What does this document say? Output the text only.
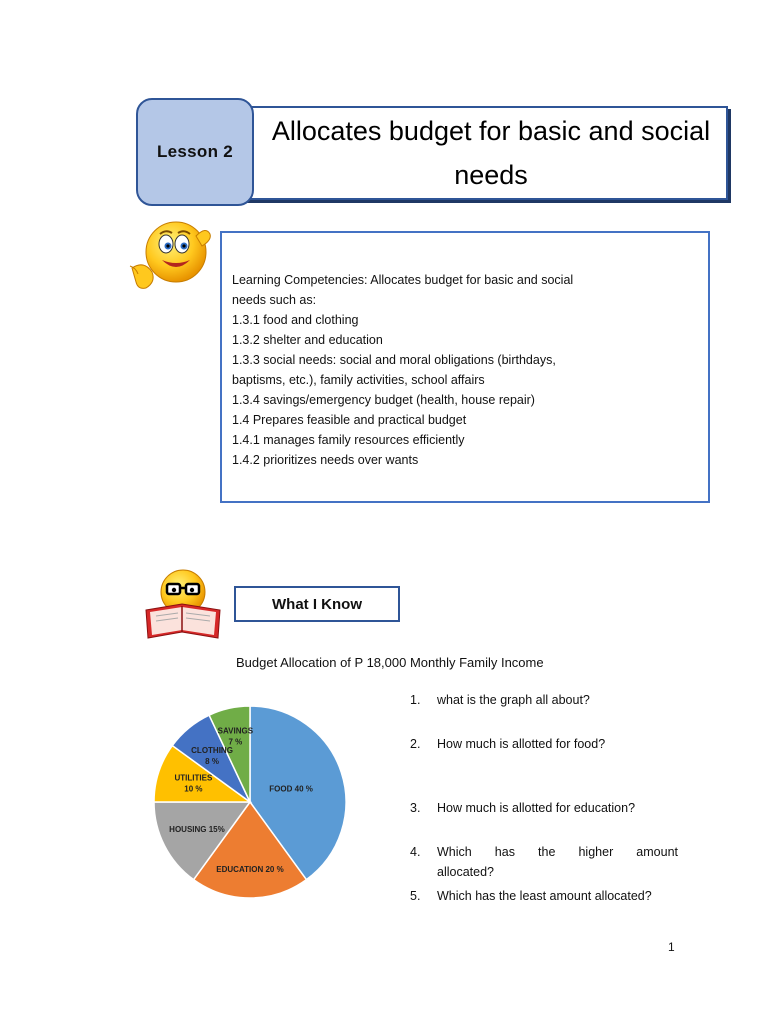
Allocates budget for basic and social
needs
Lesson 2
Learning Competencies: Allocates budget for basic and social
needs such as:
1.3.1 food and clothing
1.3.2 shelter and education
1.3.3 social needs: social and moral obligations (birthdays,
baptisms, etc.), family activities, school affairs
1.3.4 savings/emergency budget (health, house repair)
1.4 Prepares feasible and practical budget
1.4.1 manages family resources efficiently
1.4.2 prioritizes needs over wants
What I Know
Budget Allocation of P 18,000 Monthly Family Income
FOOD 40 %
EDUCATION 20 %
HOUSING 15%
UTILITIES 10 %
CLOTHING 8 %
SAVINGS 7 %
1.	what is the graph all about?
2.	How much is allotted for food?
3.	How much is allotted for education?
4.	Which has the higher amount
allocated?
5.	Which has the least amount allocated?
1
